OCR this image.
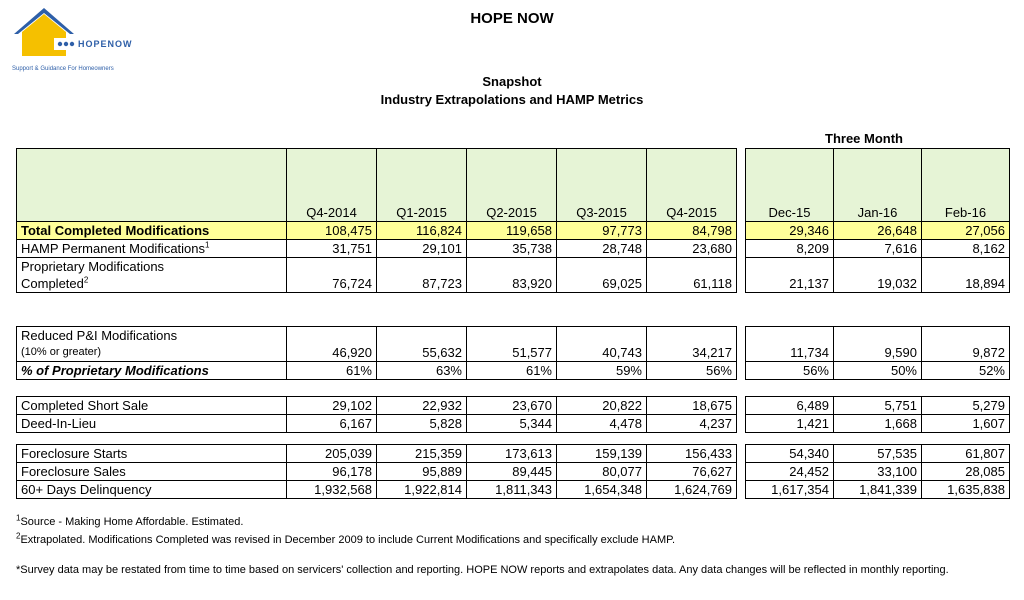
HOPENOW
Support & Guidance For Homeowners
HOPE NOW
Snapshot
Industry Extrapolations and HAMP Metrics
Three Month
	Q4-2014	Q1-2015	Q2-2015	Q3-2015	Q4-2015		Dec-15	Jan-16	Feb-16
Total Completed Modifications	108,475	116,824	119,658	97,773	84,798		29,346	26,648	27,056
HAMP Permanent Modifications$^1$	31,751	29,101	35,738	28,748	23,680		8,209	7,616	8,162

Proprietary Modifications
Completed$^2$	76,724	87,723	83,920	69,025	61,118		21,137	19,032	18,894
Reduced P&I Modifications
(10% or greater)	46,920	55,632	51,577	40,743	34,217		11,734	9,590	9,872
% of Proprietary Modifications	61%	63%	61%	59%	56%		56%	50%	52%
Completed Short Sale	29,102	22,932	23,670	20,822	18,675		6,489	5,751	5,279
Deed-In-Lieu	6,167	5,828	5,344	4,478	4,237		1,421	1,668	1,607
Foreclosure Starts	205,039	215,359	173,613	159,139	156,433		54,340	57,535	61,807
Foreclosure Sales	96,178	95,889	89,445	80,077	76,627		24,452	33,100	28,085
60+ Days Delinquency	1,932,568	1,922,814	1,811,343	1,654,348	1,624,769		1,617,354	1,841,339	1,635,838
$^1$Source - Making Home Affordable. Estimated.
$^2$Extrapolated. Modifications Completed was revised in December 2009 to include Current Modifications and specifically exclude HAMP.
*Survey data may be restated from time to time based on servicers' collection and reporting. HOPE NOW reports and extrapolates data. Any data changes will be reflected in monthly reporting.
